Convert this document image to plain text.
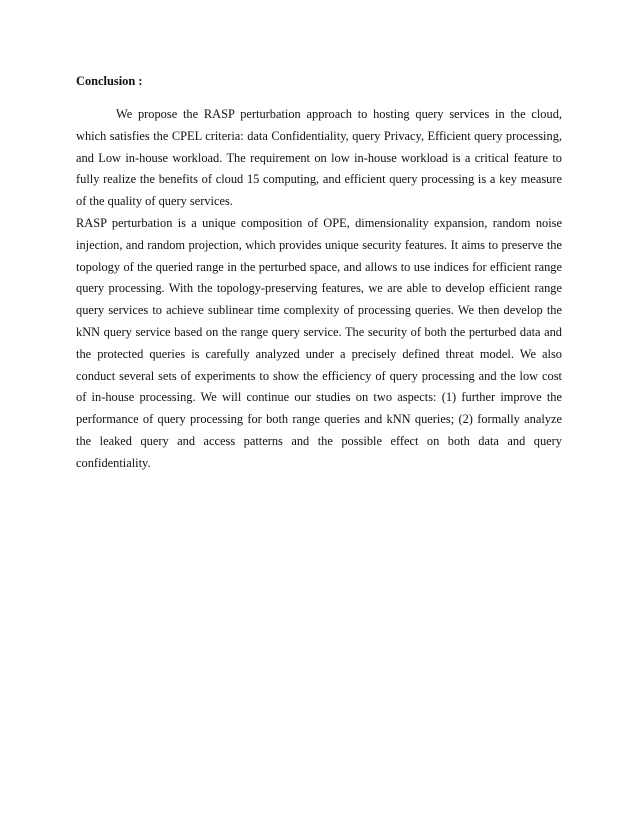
Conclusion :

We propose the RASP perturbation approach to hosting query services in the cloud, which satisfies the CPEL criteria: data Confidentiality, query Privacy, Efficient query processing, and Low in-house workload. The requirement on low in-house workload is a critical feature to fully realize the benefits of cloud 15 computing, and efficient query processing is a key measure of the quality of query services.

RASP perturbation is a unique composition of OPE, dimensionality expansion, random noise injection, and random projection, which provides unique security features. It aims to preserve the topology of the queried range in the perturbed space, and allows to use indices for efficient range query processing. With the topology-preserving features, we are able to develop efficient range query services to achieve sublinear time complexity of processing queries. We then develop the kNN query service based on the range query service. The security of both the perturbed data and the protected queries is carefully analyzed under a precisely defined threat model. We also conduct several sets of experiments to show the efficiency of query processing and the low cost of in-house processing. We will continue our studies on two aspects: (1) further improve the performance of query processing for both range queries and kNN queries; (2) formally analyze the leaked query and access patterns and the possible effect on both data and query confidentiality.
